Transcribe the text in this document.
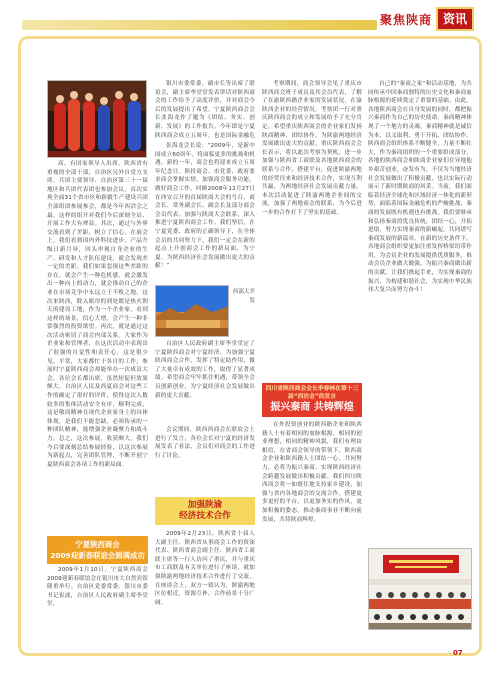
聚焦陕商 资讯

高、有国家领导人出席，陕西省有重视的全部干部，自治区另外自党方支席，兵团主要领导、自治区第三十一届地区和兵团代表团也参加会议，首次实现全面31个省市区和新疆生产建设兵团全部组团参展参会，都是今年西洽会之最。这样的组开对我们今后深刻全局、开展工作大有裨益。其次，通过与外界交流看到了差距，树立了信心。在展会上，我们看到国内外科技进步、产品升级日新月异，回头审视自身企业的生产、研发和人才队伍建设，就会发现差一定的差距。我们如果忽视这些差距的存在，就会产生一种危机感，就会激发出一种向上的动力，就会推动自己的企业在市场竞争中永远立于不败之地。这次来陕西，除入眼帘的到处都是热火朝天的建设工地，作为一个企业家，看到这样的场景，信心大增。会产生一种非常强烈的投资欲望。再次，就是通过这次活动密切了商会内部关系。大家作为企业家和管理者，在这次活动中表现出了很强的自觉性和责任心，这是很少见。平常，大家都忙于各自的工作，参展时宁夏陕西商会却能举办一次成员大会，各位会长都出席，虽然短促但效果颇大，自治区人民及西夏商会对这些工作的确定了很好的评价，使得这次入数较多的集体活动安全有序，顺利完成，这是敬商精神在现代企业家身上的具体体现，是我们不能忽缺、必须传承的一种团队精神，能增强企业凝聚力和战斗力。总之，这次参展，收获颇大。我们今后要深刻总结参展经验，以这次参展为新起点，完善团队管理，不断开创宁夏陕西商会各项工作的新局面。

宁夏陕西商会
2009迎新春联谊会圆满成功

2009年1月10日，宁夏陕西商会2009迎新春联谊会在银川市大自然宾馆隆重举行。自治区党委常委、银川市委书记崔波，自治区人民政府副主席李堂堂，

银川市委常委、副市长等出席了联谊会，副主席李堂堂发表讲话对陕西商会的工作给予了高度评价，并对商会今后的发展提出了希望。宁夏陕西商会会长张海龙作了题为《团结、务实、创新、发展》的工作报告。今年即是宁夏陕西商会成立五周年，也是国际金融危

张海龙会长说：“2009年，是新中国成立60周年，将面临更多的挑战和机遇。新的一年，商会也将迎来成立五周年纪念日。陕投商会、市党委、政府要求商会掌握实情，加强商会服务功能，做好商会工作。回顾2008年12月27日在西安召开的首届陕商大会的号召，商会长、常务副会长、副会长及部分商会会员代表，加强与陕商大会联系，深入推进宁夏陕西商会工作。我们坚信，在宁夏党委、政府的正确领导下，在全体会员的共同努力下，我们一定会在新的起点上开创商会工作的新局面，为宁夏、为陕西经济社会发展做出更大的贡献！”

西部大开发

自治区人民政府副主席李堂堂定了宁夏陕西商会对宁夏经济、为加强宁夏陕西商会合作，发挥了特定助作用，做了大量卓有成效的工作，取得了显著成绩。希望商会牢牢抓住机遇，带领全会员创新创业，为宁夏经济社会发展做出新的更大贡献。

会议期间，陕西西商会在联谊会上进行了发言，各位会长对宁夏的经济发展发表了看法，会员们对商会的工作进行了讨论。

加强陕渝
经济技术合作

2009年2月23日，陕西省十届人大副主任、陕西省从事商会工作的资深代表、陕西省商会副主任、陕西省工商联主席等一行人访问了重庆，并与重庆市工商联及有关单位进行了座谈，就加强陕渝两地经济技术合作进行了交流，在座谈会上，双方一致认为，陕渝两地区位相近，资源互补，合作前景十分广阔。

考察期间，商会领导会见了重庆市陕西商会班子成员及其会员代表，了解了在渝陕西籍企业家的发展状况，在渝陕西企业的经营情况，考察团一行对重庆陕西商会的成立和发展给予了充分肯定，希望重庆陕西商会的企业家们发扬陕商精神，团结协作，为陕渝两地经济发展做出更大的贡献。重庆陕西商会会长表示，将以此次考察为契机，进一步加强与陕西省工商联及各地陕西商会的联系与合作，搭建平台，促进陕渝两地的经贸往来和经济技术合作，实现互利共赢，为两地经济社会发展贡献力量。本次活动促进了陕渝两地企业间的交流，加强了两地商会的联系，为今后进一步的合作打下了坚实的基础。

四川省陕西商会会长李春林在第十三届“西洽会”的发言
振兴秦商 共铸辉煌

在外投资创业的陕西籍企业和陕西籍人士有着相同的血脉根源，相同的创业理想，相同的精神风貌，我们有理由相信，在省商会领导的带领下，陕西商会企业和陕西籍人士团结一心，共同努力，必将为振兴秦商、实现陕西经济社会跨越发展做出积极贡献。我们四川陕西商会将一如既往地支持家乡建设，加强与省内各地商会的交流合作，搭建更多更好的平台，以更加务实的作风，更加积极的姿态，推动秦商事业不断向前发展，共铸陕商辉煌。

自己的“秦商之家”和活动基地，为共同传承中国秦商独特的历史文化和秦商血脉根源的延续奠定了重要的基础。由此，各地陕西商会在自身发展的同时，都把振兴秦商作为自己的历史使命。秦商精神体现了一个地方的灵魂，秦商精神就是诚信为本、以义取利、勇于开拓、团结协作。陕西商会组织体系不断健全，力量不断壮大，作为秦商组织的一个重要组成部分，各地的陕西商会和陕商企业家们在异地他乡艰苦创业，奋发有为，不仅为当地经济社会发展做出了积极贡献，也以实际行动展示了新时期陕商的风采。当前，我们面临着经济全球化和区域经济一体化的新形势，面临着国际金融危机的严峻挑战，秦商的发展既有机遇也有挑战。我们要继承和弘扬秦商的优良传统，团结一心，开拓进取，努力实现秦商的新崛起，共同谱写秦商发展的新篇章。在新的历史条件下，各地商会组织要更加注重发挥桥梁纽带作用，为会员企业的发展提供优质服务，推动会员企业做大做强，为振兴秦商做出新的贡献。让我们携起手来，为实现秦商的振兴，为构建和谐社会，为实现中华民族伟大复兴而努力奋斗！

07
